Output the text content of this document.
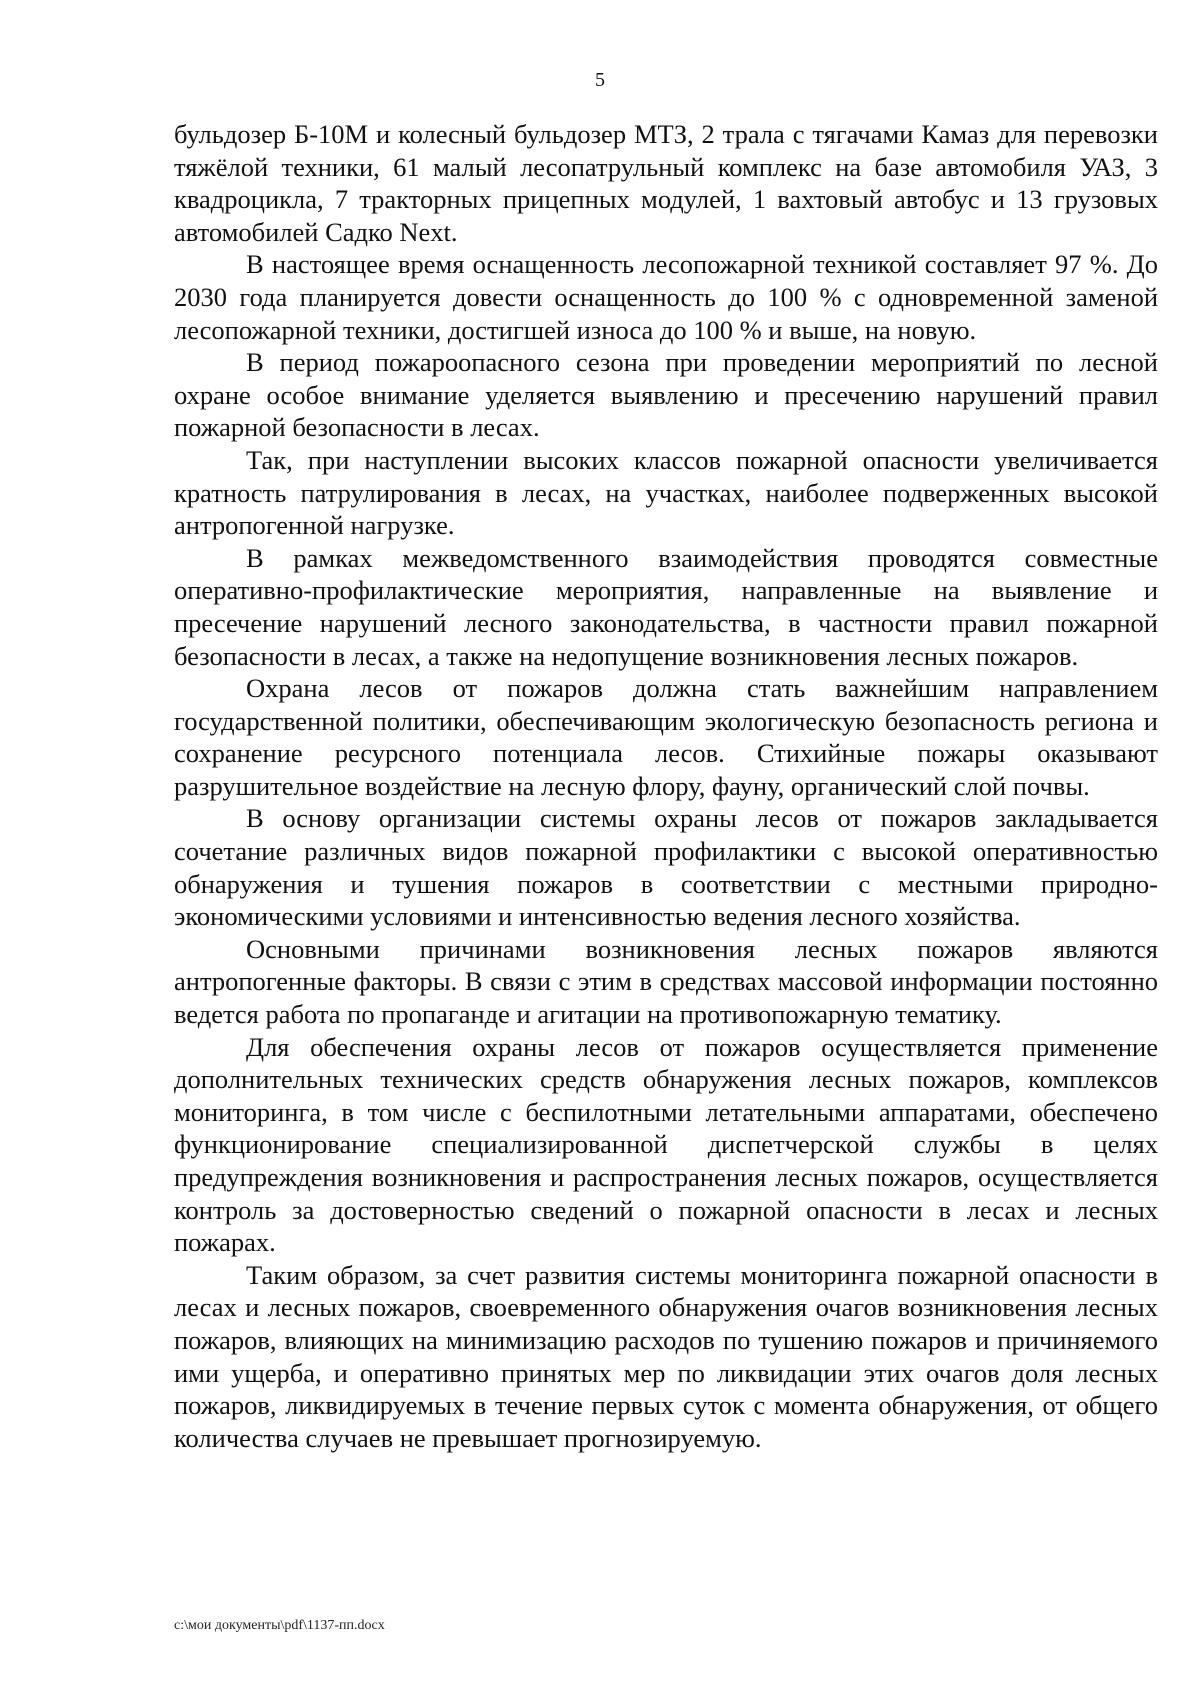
5

бульдозер Б-10М и колесный бульдозер МТЗ, 2 трала с тягачами Камаз для перевозки тяжёлой техники, 61 малый лесопатрульный комплекс на базе автомобиля УАЗ, 3 квадроцикла, 7 тракторных прицепных модулей, 1 вахтовый автобус и 13 грузовых автомобилей Садко Next.

В настоящее время оснащенность лесопожарной техникой составляет 97 %. До 2030 года планируется довести оснащенность до 100 % с одновременной заменой лесопожарной техники, достигшей износа до 100 % и выше, на новую.

В период пожароопасного сезона при проведении мероприятий по лесной охране особое внимание уделяется выявлению и пресечению нарушений правил пожарной безопасности в лесах.

Так, при наступлении высоких классов пожарной опасности увеличивается кратность патрулирования в лесах, на участках, наиболее подверженных высокой антропогенной нагрузке.

В рамках межведомственного взаимодействия проводятся совместные оперативно-профилактические мероприятия, направленные на выявление и пресечение нарушений лесного законодательства, в частности правил пожарной безопасности в лесах, а также на недопущение возникновения лесных пожаров.

Охрана лесов от пожаров должна стать важнейшим направлением государственной политики, обеспечивающим экологическую безопасность региона и сохранение ресурсного потенциала лесов. Стихийные пожары оказывают разрушительное воздействие на лесную флору, фауну, органический слой почвы.

В основу организации системы охраны лесов от пожаров закладывается сочетание различных видов пожарной профилактики с высокой оперативностью обнаружения и тушения пожаров в соответствии с местными природно-экономическими условиями и интенсивностью ведения лесного хозяйства.

Основными причинами возникновения лесных пожаров являются антропогенные факторы. В связи с этим в средствах массовой информации постоянно ведется работа по пропаганде и агитации на противопожарную тематику.

Для обеспечения охраны лесов от пожаров осуществляется применение дополнительных технических средств обнаружения лесных пожаров, комплексов мониторинга, в том числе с беспилотными летательными аппаратами, обеспечено функционирование специализированной диспетчерской службы в целях предупреждения возникновения и распространения лесных пожаров, осуществляется контроль за достоверностью сведений о пожарной опасности в лесах и лесных пожарах.

Таким образом, за счет развития системы мониторинга пожарной опасности в лесах и лесных пожаров, своевременного обнаружения очагов возникновения лесных пожаров, влияющих на минимизацию расходов по тушению пожаров и причиняемого ими ущерба, и оперативно принятых мер по ликвидации этих очагов доля лесных пожаров, ликвидируемых в течение первых суток с момента обнаружения, от общего количества случаев не превышает прогнозируемую.

c:\мои документы\pdf\1137-пп.docx
